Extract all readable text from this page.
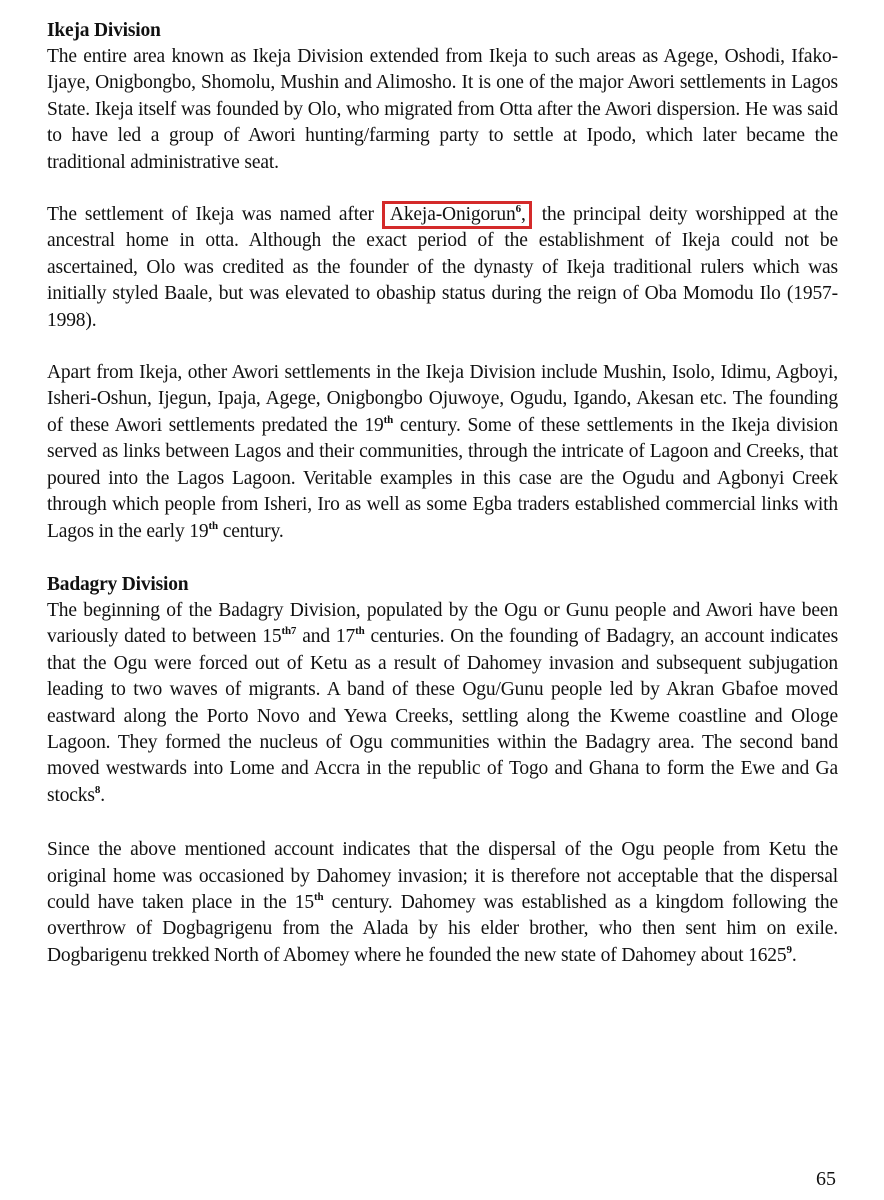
Ikeja Division

The entire area known as Ikeja Division extended from Ikeja to such areas as Agege, Oshodi, Ifako-Ijaye, Onigbongbo, Shomolu, Mushin and Alimosho. It is one of the major Awori settlements in Lagos State. Ikeja itself was founded by Olo, who migrated from Otta after the Awori dispersion. He was said to have led a group of Awori hunting/farming party to settle at Ipodo, which later became the traditional administrative seat.

The settlement of Ikeja was named after Akeja-Onigorun$^6$, the principal deity worshipped at the ancestral home in otta. Although the exact period of the establishment of Ikeja could not be ascertained, Olo was credited as the founder of the dynasty of Ikeja traditional rulers which was initially styled Baale, but was elevated to obaship status during the reign of Oba Momodu Ilo (1957-1998).

Apart from Ikeja, other Awori settlements in the Ikeja Division include Mushin, Isolo, Idimu, Agboyi, Isheri-Oshun, Ijegun, Ipaja, Agege, Onigbongbo Ojuwoye, Ogudu, Igando, Akesan etc. The founding of these Awori settlements predated the 19th century. Some of these settlements in the Ikeja division served as links between Lagos and their communities, through the intricate of Lagoon and Creeks, that poured into the Lagos Lagoon. Veritable examples in this case are the Ogudu and Agbonyi Creek through which people from Isheri, Iro as well as some Egba traders established commercial links with Lagos in the early 19th century.

Badagry Division

The beginning of the Badagry Division, populated by the Ogu or Gunu people and Awori have been variously dated to between $15^{th7}$ and 17th centuries. On the founding of Badagry, an account indicates that the Ogu were forced out of Ketu as a result of Dahomey invasion and subsequent subjugation leading to two waves of migrants. A band of these Ogu/Gunu people led by Akran Gbafoe moved eastward along the Porto Novo and Yewa Creeks, settling along the Kweme coastline and Ologe Lagoon. They formed the nucleus of Ogu communities within the Badagry area. The second band moved westwards into Lome and Accra in the republic of Togo and Ghana to form the Ewe and Ga stocks$^8$.

Since the above mentioned account indicates that the dispersal of the Ogu people from Ketu the original home was occasioned by Dahomey invasion; it is therefore not acceptable that the dispersal could have taken place in the 15th century. Dahomey was established as a kingdom following the overthrow of Dogbagrigenu from the Alada by his elder brother, who then sent him on exile. Dogbarigenu trekked North of Abomey where he founded the new state of Dahomey about 1625$^9$.

65
